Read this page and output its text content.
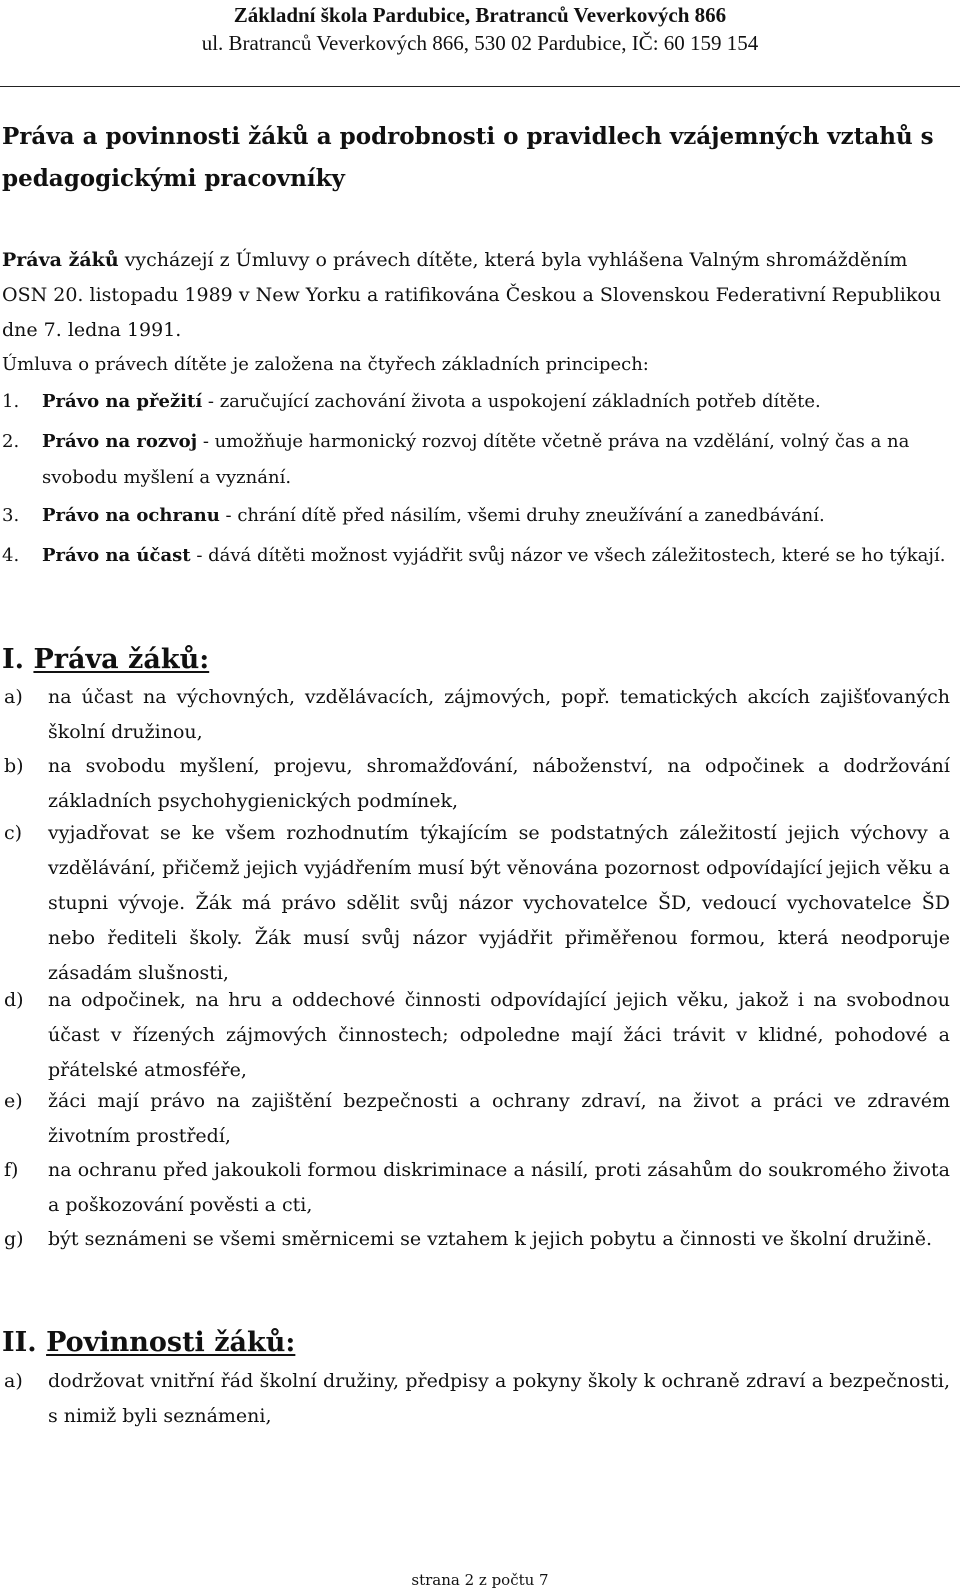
Základní škola Pardubice, Bratranců Veverkových 866
ul. Bratranců Veverkových 866, 530 02 Pardubice, IČ: 60 159 154
Práva a povinnosti žáků a podrobnosti o pravidlech vzájemných vztahů s pedagogickými pracovníky

Práva žáků vycházejí z Úmluvy o právech dítěte, která byla vyhlášena Valným shromážděním OSN 20. listopadu 1989 v New Yorku a ratifikována Českou a Slovenskou Federativní Republikou dne 7. ledna 1991.

Úmluva o právech dítěte je založena na čtyřech základních principech:

1. Právo na přežití - zaručující zachování života a uspokojení základních potřeb dítěte.
2. Právo na rozvoj - umožňuje harmonický rozvoj dítěte včetně práva na vzdělání, volný čas a na svobodu myšlení a vyznání.
3. Právo na ochranu - chrání dítě před násilím, všemi druhy zneužívání a zanedbávání.
4. Právo na účast - dává dítěti možnost vyjádřit svůj názor ve všech záležitostech, které se ho týkají.
I. Práva žáků:
a) na účast na výchovných, vzdělávacích, zájmových, popř. tematických akcích zajišťovaných školní družinou,
b) na svobodu myšlení, projevu, shromažďování, náboženství, na odpočinek a dodržování základních psychohygienických podmínek,
c) vyjadřovat se ke všem rozhodnutím týkajícím se podstatných záležitostí jejich výchovy a vzdělávání, přičemž jejich vyjádřením musí být věnována pozornost odpovídající jejich věku a stupni vývoje. Žák má právo sdělit svůj názor vychovatelce ŠD, vedoucí vychovatelce ŠD nebo řediteli školy. Žák musí svůj názor vyjádřit přiměřenou formou, která neodporuje zásadám slušnosti,
d) na odpočinek, na hru a oddechové činnosti odpovídající jejich věku, jakož i na svobodnou účast v řízených zájmových činnostech; odpoledne mají žáci trávit v klidné, pohodové a přátelské atmosféře,
e) žáci mají právo na zajištění bezpečnosti a ochrany zdraví, na život a práci ve zdravém životním prostředí,
f) na ochranu před jakoukoli formou diskriminace a násilí, proti zásahům do soukromého života a poškozování pověsti a cti,
g) být seznámeni se všemi směrnicemi se vztahem k jejich pobytu a činnosti ve školní družině.
II. Povinnosti žáků:
a) dodržovat vnitřní řád školní družiny, předpisy a pokyny školy k ochraně zdraví a bezpečnosti, s nimiž byli seznámeni,
strana 2 z počtu 7
